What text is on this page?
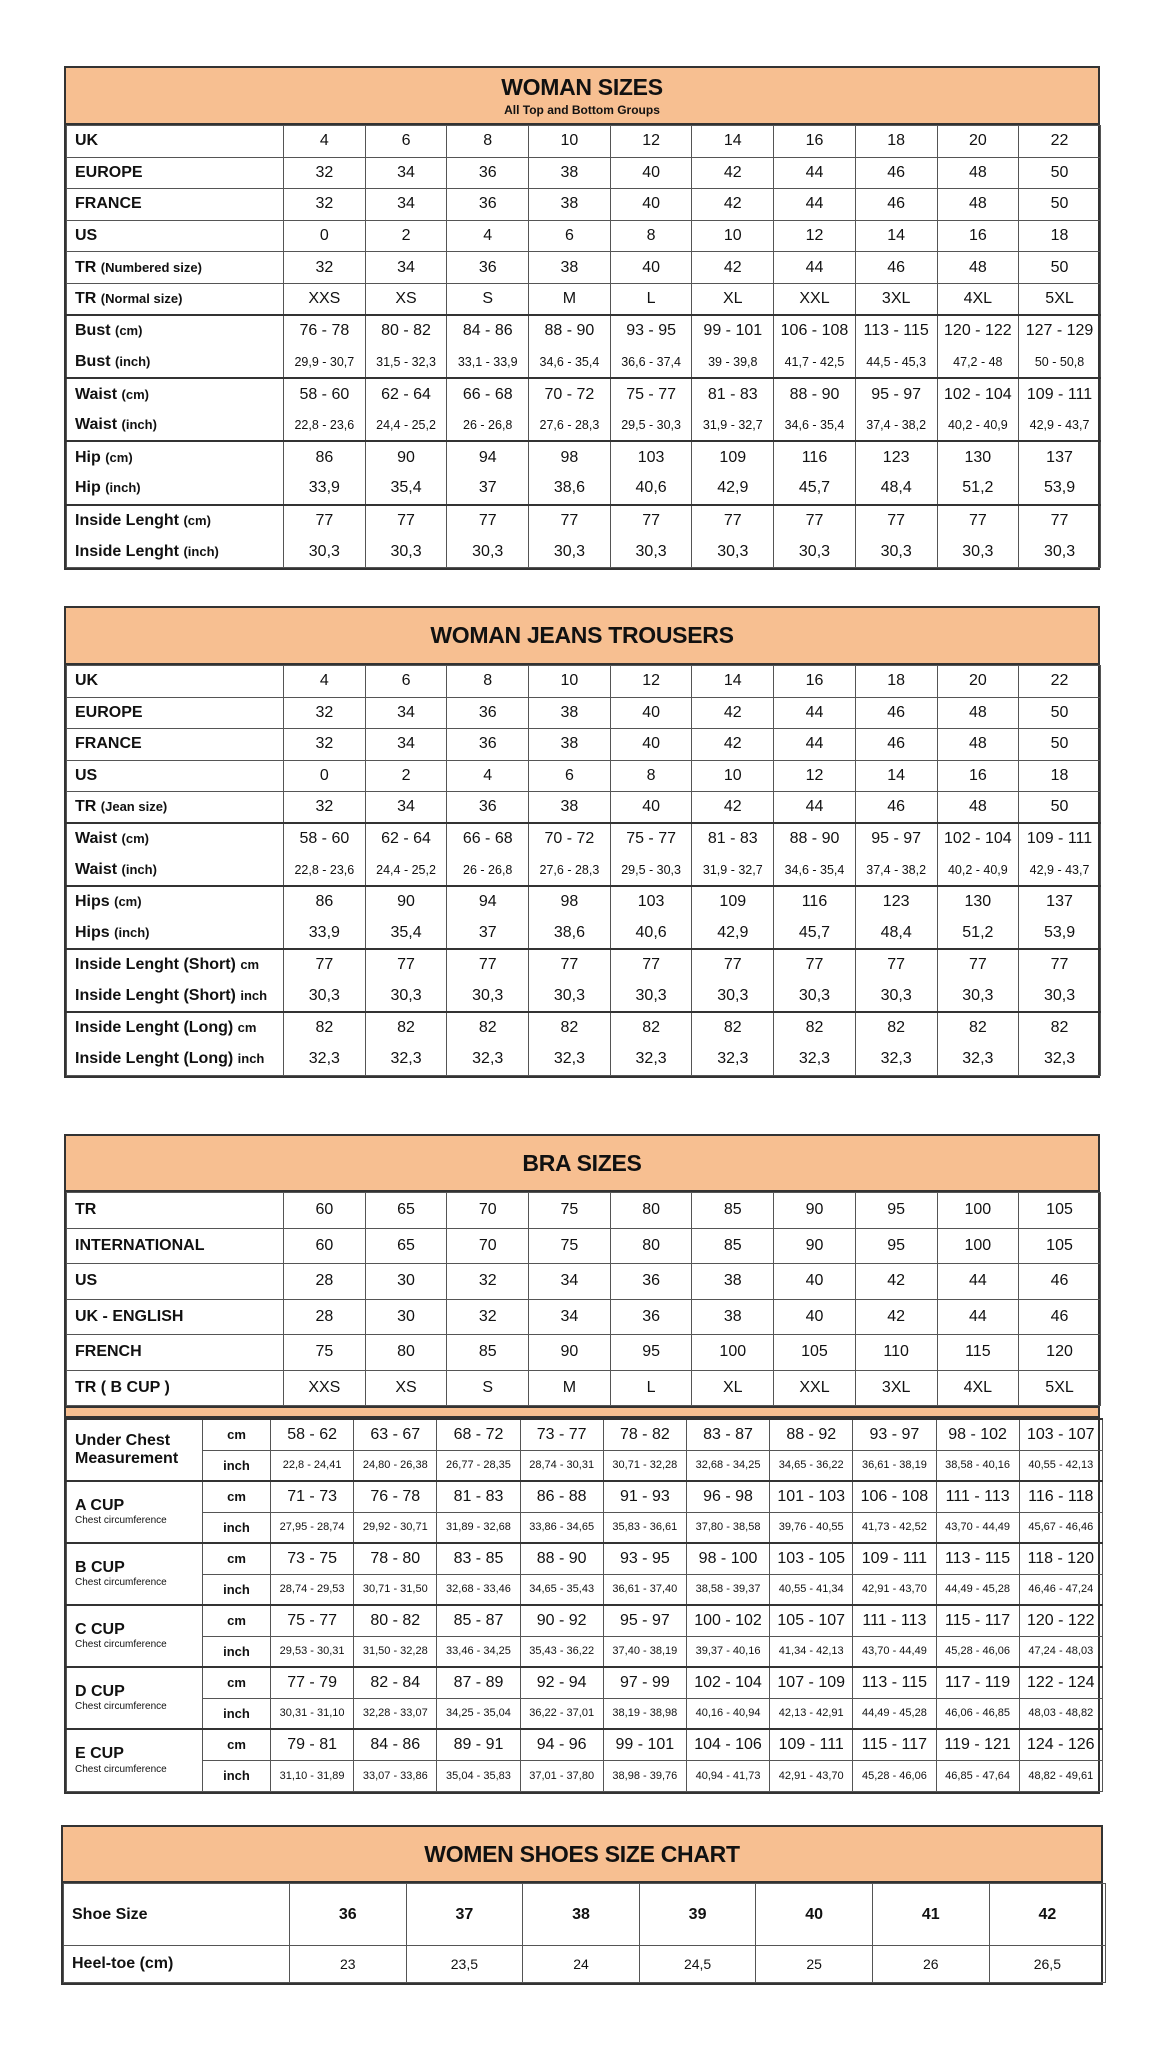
WOMAN SIZES
All Top and Bottom Groups
UK	4	6	8	10	12	14	16	18	20	22
EUROPE	32	34	36	38	40	42	44	46	48	50
FRANCE	32	34	36	38	40	42	44	46	48	50
US	0	2	4	6	8	10	12	14	16	18
TR (Numbered size)	32	34	36	38	40	42	44	46	48	50
TR (Normal size)	XXS	XS	S	M	L	XL	XXL	3XL	4XL	5XL
Bust (cm)	76 - 78	80 - 82	84 - 86	88 - 90	93 - 95	99 - 101	106 - 108	113 - 115	120 - 122	127 - 129
Bust (inch)	29,9 - 30,7	31,5 - 32,3	33,1 - 33,9	34,6 - 35,4	36,6 - 37,4	39 - 39,8	41,7 - 42,5	44,5 - 45,3	47,2 - 48	50 - 50,8
Waist (cm)	58 - 60	62 - 64	66 - 68	70 - 72	75 - 77	81 - 83	88 - 90	95 - 97	102 - 104	109 - 111
Waist (inch)	22,8 - 23,6	24,4 - 25,2	26 - 26,8	27,6 - 28,3	29,5 - 30,3	31,9 - 32,7	34,6 - 35,4	37,4 - 38,2	40,2 - 40,9	42,9 - 43,7
Hip (cm)	86	90	94	98	103	109	116	123	130	137
Hip (inch)	33,9	35,4	37	38,6	40,6	42,9	45,7	48,4	51,2	53,9
Inside Lenght (cm)	77	77	77	77	77	77	77	77	77	77
Inside Lenght (inch)	30,3	30,3	30,3	30,3	30,3	30,3	30,3	30,3	30,3	30,3
WOMAN JEANS TROUSERS
UK	4	6	8	10	12	14	16	18	20	22
EUROPE	32	34	36	38	40	42	44	46	48	50
FRANCE	32	34	36	38	40	42	44	46	48	50
US	0	2	4	6	8	10	12	14	16	18
TR (Jean size)	32	34	36	38	40	42	44	46	48	50
Waist (cm)	58 - 60	62 - 64	66 - 68	70 - 72	75 - 77	81 - 83	88 - 90	95 - 97	102 - 104	109 - 111
Waist (inch)	22,8 - 23,6	24,4 - 25,2	26 - 26,8	27,6 - 28,3	29,5 - 30,3	31,9 - 32,7	34,6 - 35,4	37,4 - 38,2	40,2 - 40,9	42,9 - 43,7
Hips (cm)	86	90	94	98	103	109	116	123	130	137
Hips (inch)	33,9	35,4	37	38,6	40,6	42,9	45,7	48,4	51,2	53,9
Inside Lenght (Short) cm	77	77	77	77	77	77	77	77	77	77
Inside Lenght (Short) inch	30,3	30,3	30,3	30,3	30,3	30,3	30,3	30,3	30,3	30,3
Inside Lenght (Long) cm	82	82	82	82	82	82	82	82	82	82
Inside Lenght (Long) inch	32,3	32,3	32,3	32,3	32,3	32,3	32,3	32,3	32,3	32,3
BRA SIZES
TR	60	65	70	75	80	85	90	95	100	105
INTERNATIONAL	60	65	70	75	80	85	90	95	100	105
US	28	30	32	34	36	38	40	42	44	46
UK - ENGLISH	28	30	32	34	36	38	40	42	44	46
FRENCH	75	80	85	90	95	100	105	110	115	120
TR ( B CUP )	XXS	XS	S	M	L	XL	XXL	3XL	4XL	5XL
Under Chest Measurement	cm	58 - 62	63 - 67	68 - 72	73 - 77	78 - 82	83 - 87	88 - 92	93 - 97	98 - 102	103 - 107
	inch	22,8 - 24,41	24,80 - 26,38	26,77 - 28,35	28,74 - 30,31	30,71 - 32,28	32,68 - 34,25	34,65 - 36,22	36,61 - 38,19	38,58 - 40,16	40,55 - 42,13
A CUP
Chest circumference	cm	71 - 73	76 - 78	81 - 83	86 - 88	91 - 93	96 - 98	101 - 103	106 - 108	111 - 113	116 - 118
	inch	27,95 - 28,74	29,92 - 30,71	31,89 - 32,68	33,86 - 34,65	35,83 - 36,61	37,80 - 38,58	39,76 - 40,55	41,73 - 42,52	43,70 - 44,49	45,67 - 46,46
B CUP
Chest circumference	cm	73 - 75	78 - 80	83 - 85	88 - 90	93 - 95	98 - 100	103 - 105	109 - 111	113 - 115	118 - 120
	inch	28,74 - 29,53	30,71 - 31,50	32,68 - 33,46	34,65 - 35,43	36,61 - 37,40	38,58 - 39,37	40,55 - 41,34	42,91 - 43,70	44,49 - 45,28	46,46 - 47,24
C CUP
Chest circumference	cm	75 - 77	80 - 82	85 - 87	90 - 92	95 - 97	100 - 102	105 - 107	111 - 113	115 - 117	120 - 122
	inch	29,53 - 30,31	31,50 - 32,28	33,46 - 34,25	35,43 - 36,22	37,40 - 38,19	39,37 - 40,16	41,34 - 42,13	43,70 - 44,49	45,28 - 46,06	47,24 - 48,03
D CUP
Chest circumference	cm	77 - 79	82 - 84	87 - 89	92 - 94	97 - 99	102 - 104	107 - 109	113 - 115	117 - 119	122 - 124
	inch	30,31 - 31,10	32,28 - 33,07	34,25 - 35,04	36,22 - 37,01	38,19 - 38,98	40,16 - 40,94	42,13 - 42,91	44,49 - 45,28	46,06 - 46,85	48,03 - 48,82
E CUP
Chest circumference	cm	79 - 81	84 - 86	89 - 91	94 - 96	99 - 101	104 - 106	109 - 111	115 - 117	119 - 121	124 - 126
	inch	31,10 - 31,89	33,07 - 33,86	35,04 - 35,83	37,01 - 37,80	38,98 - 39,76	40,94 - 41,73	42,91 - 43,70	45,28 - 46,06	46,85 - 47,64	48,82 - 49,61
WOMEN SHOES SIZE CHART
Shoe Size	36	37	38	39	40	41	42
Heel-toe (cm)	23	23,5	24	24,5	25	26	26,5
